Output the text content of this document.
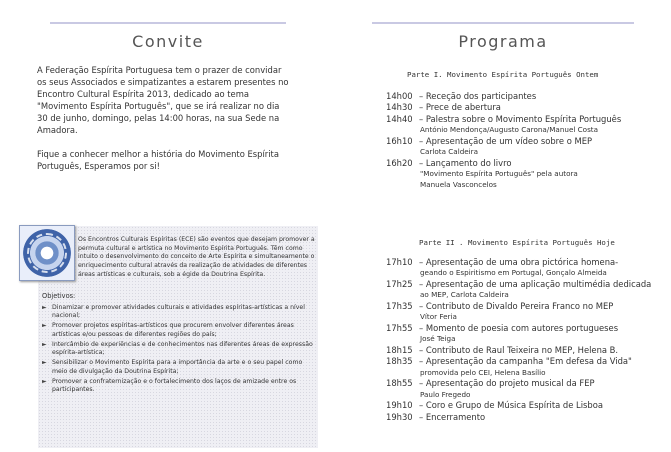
Convite
A Federação Espírita Portuguesa tem o prazer de convidar os seus Associados e simpatizantes a estarem presentes no Encontro Cultural Espírita 2013, dedicado ao tema "Movimento Espírita Português", que se irá realizar no dia 30 de junho, domingo, pelas 14:00 horas, na sua Sede na Amadora.
Fique a conhecer melhor a história do Movimento Espírita Português, Esperamos por si!
Os Encontros Culturais Espíritas (ECE) são eventos que desejam promover a permuta cultural e artística no Movimento Espírita Português. Têm como intuito o desenvolvimento do conceito de Arte Espírita e simultaneamente o enriquecimento cultural através da realização de atividades de diferentes áreas artísticas e culturais, sob a égide da Doutrina Espírita.
Objetivos:
► Dinamizar e promover atividades culturais e atividades espíritas-artísticas a nível nacional;
► Promover projetos espíritas-artísticos que procurem envolver diferentes áreas artísticas e/ou pessoas de diferentes regiões do país;
► Intercâmbio de experiências e de conhecimentos nas diferentes áreas de expressão espírita-artística;
► Sensibilizar o Movimento Espírita para a importância da arte e o seu papel como meio de divulgação da Doutrina Espírita;
► Promover a confraternização e o fortalecimento dos laços de amizade entre os participantes.
Programa
Parte I. Movimento Espírita Português Ontem
14h00 – Receção dos participantes
14h30 – Prece de abertura
14h40 – Palestra sobre o Movimento Espírita Português
António Mendonça/Augusto Carona/Manuel Costa
16h10 – Apresentação de um vídeo sobre o MEP
Carlota Caldeira
16h20 – Lançamento do livro
"Movimento Espírita Português" pela autora
Manuela Vasconcelos
Parte II . Movimento Espírita Português Hoje
17h10 – Apresentação de uma obra pictórica homena-
geando o Espiritismo em Portugal, Gonçalo Almeida
17h25 – Apresentação de uma aplicação multimédia dedicada
ao MEP, Carlota Caldeira
17h35 – Contributo de Divaldo Pereira Franco no MEP
Vítor Feria
17h55 – Momento de poesia com autores portugueses
José Teiga
18h15 – Contributo de Raul Teixeira no MEP, Helena B.
18h35 – Apresentação da campanha "Em defesa da Vida"
promovida pelo CEI, Helena Basílio
18h55 – Apresentação do projeto musical da FEP
Paulo Fregedo
19h10 – Coro e Grupo de Música Espírita de Lisboa
19h30 – Encerramento
